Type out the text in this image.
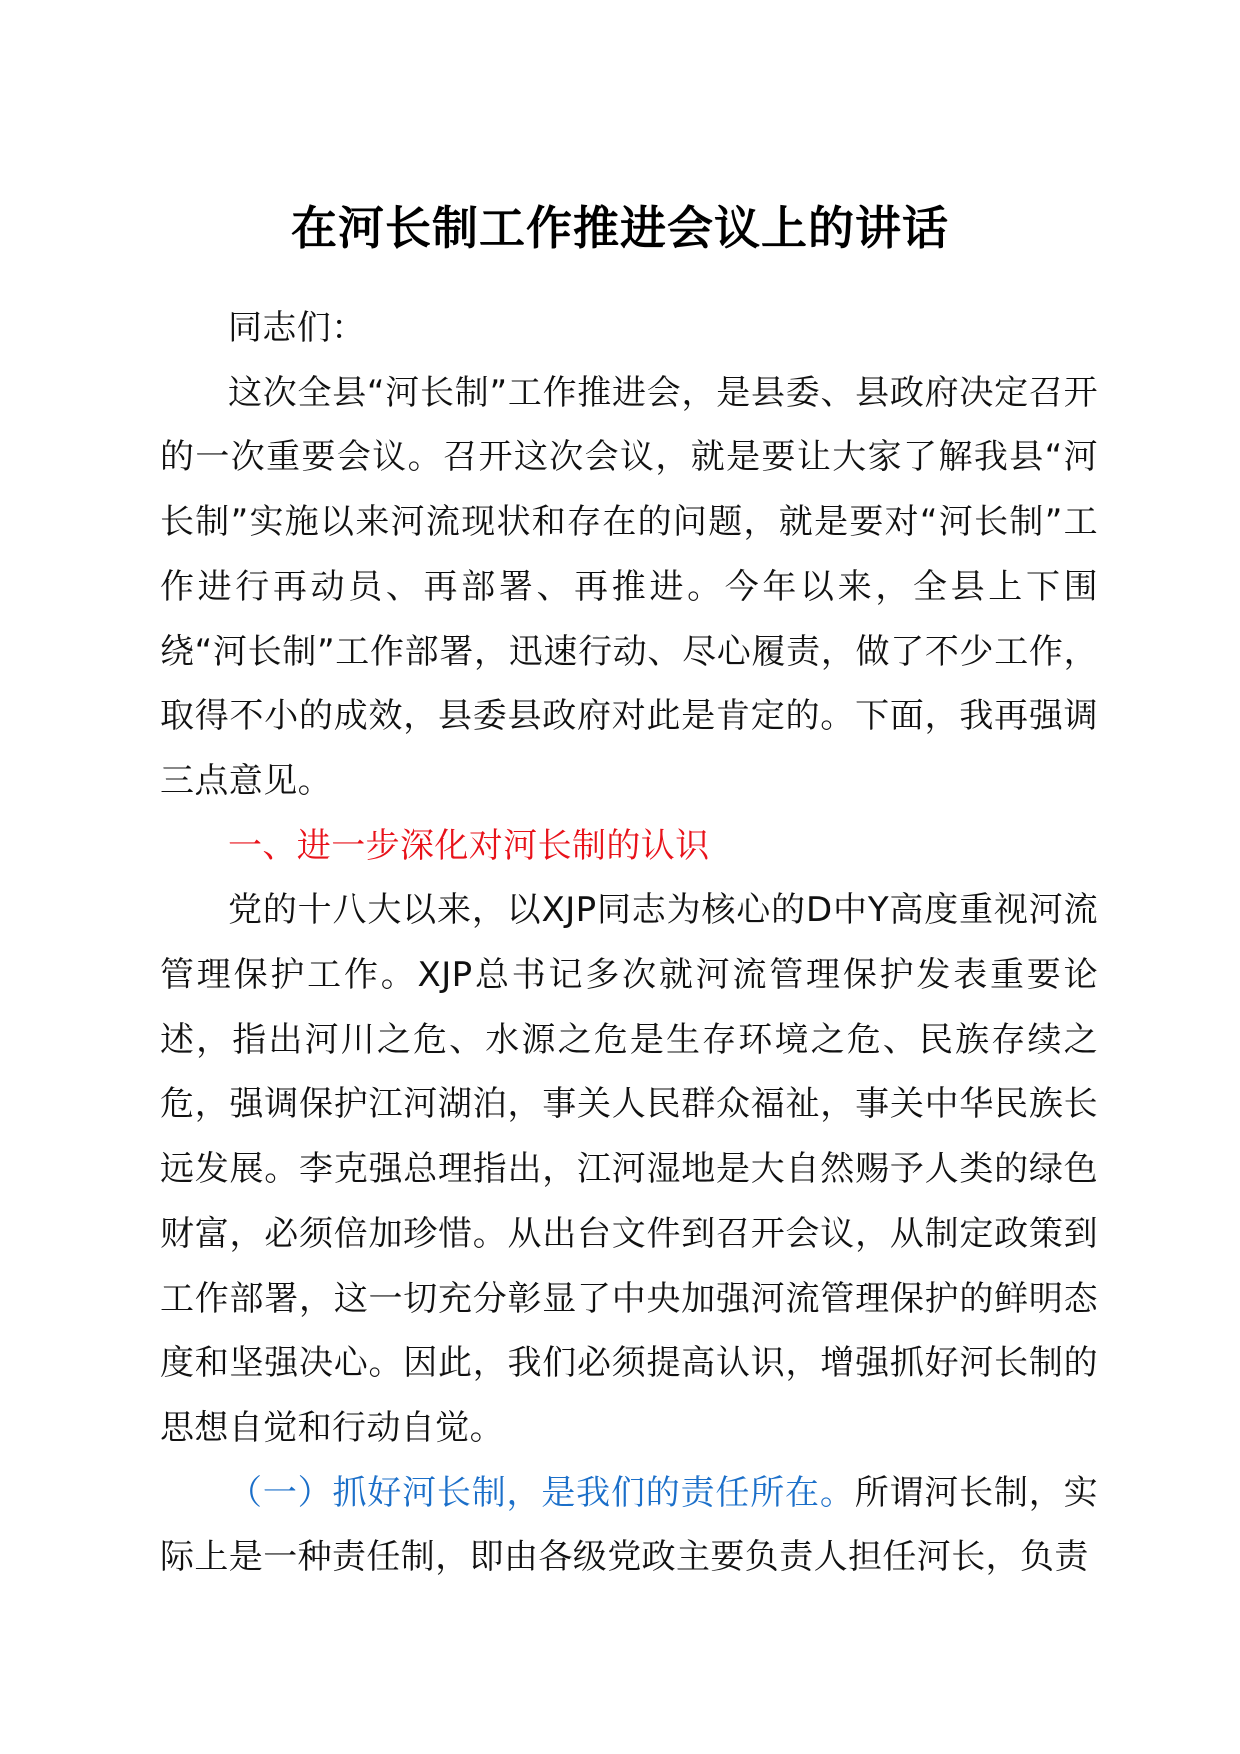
在河长制工作推进会议上的讲话

同志们：

这次全县“河长制”工作推进会，是县委、县政府决定召开的一次重要会议。召开这次会议，就是要让大家了解我县“河长制”实施以来河流现状和存在的问题，就是要对“河长制”工作进行再动员、再部署、再推进。今年以来，全县上下围绕“河长制”工作部署，迅速行动、尽心履责，做了不少工作，取得不小的成效，县委县政府对此是肯定的。下面，我再强调三点意见。

一、进一步深化对河长制的认识

党的十八大以来，以XJP同志为核心的D中Y高度重视河流管理保护工作。XJP总书记多次就河流管理保护发表重要论述，指出河川之危、水源之危是生存环境之危、民族存续之危，强调保护江河湖泊，事关人民群众福祉，事关中华民族长远发展。李克强总理指出，江河湿地是大自然赐予人类的绿色财富，必须倍加珍惜。从出台文件到召开会议，从制定政策到工作部署，这一切充分彰显了中央加强河流管理保护的鲜明态度和坚强决心。因此，我们必须提高认识，增强抓好河长制的思想自觉和行动自觉。

（一）抓好河长制，是我们的责任所在。所谓河长制，实际上是一种责任制，即由各级党政主要负责人担任河长，负责
